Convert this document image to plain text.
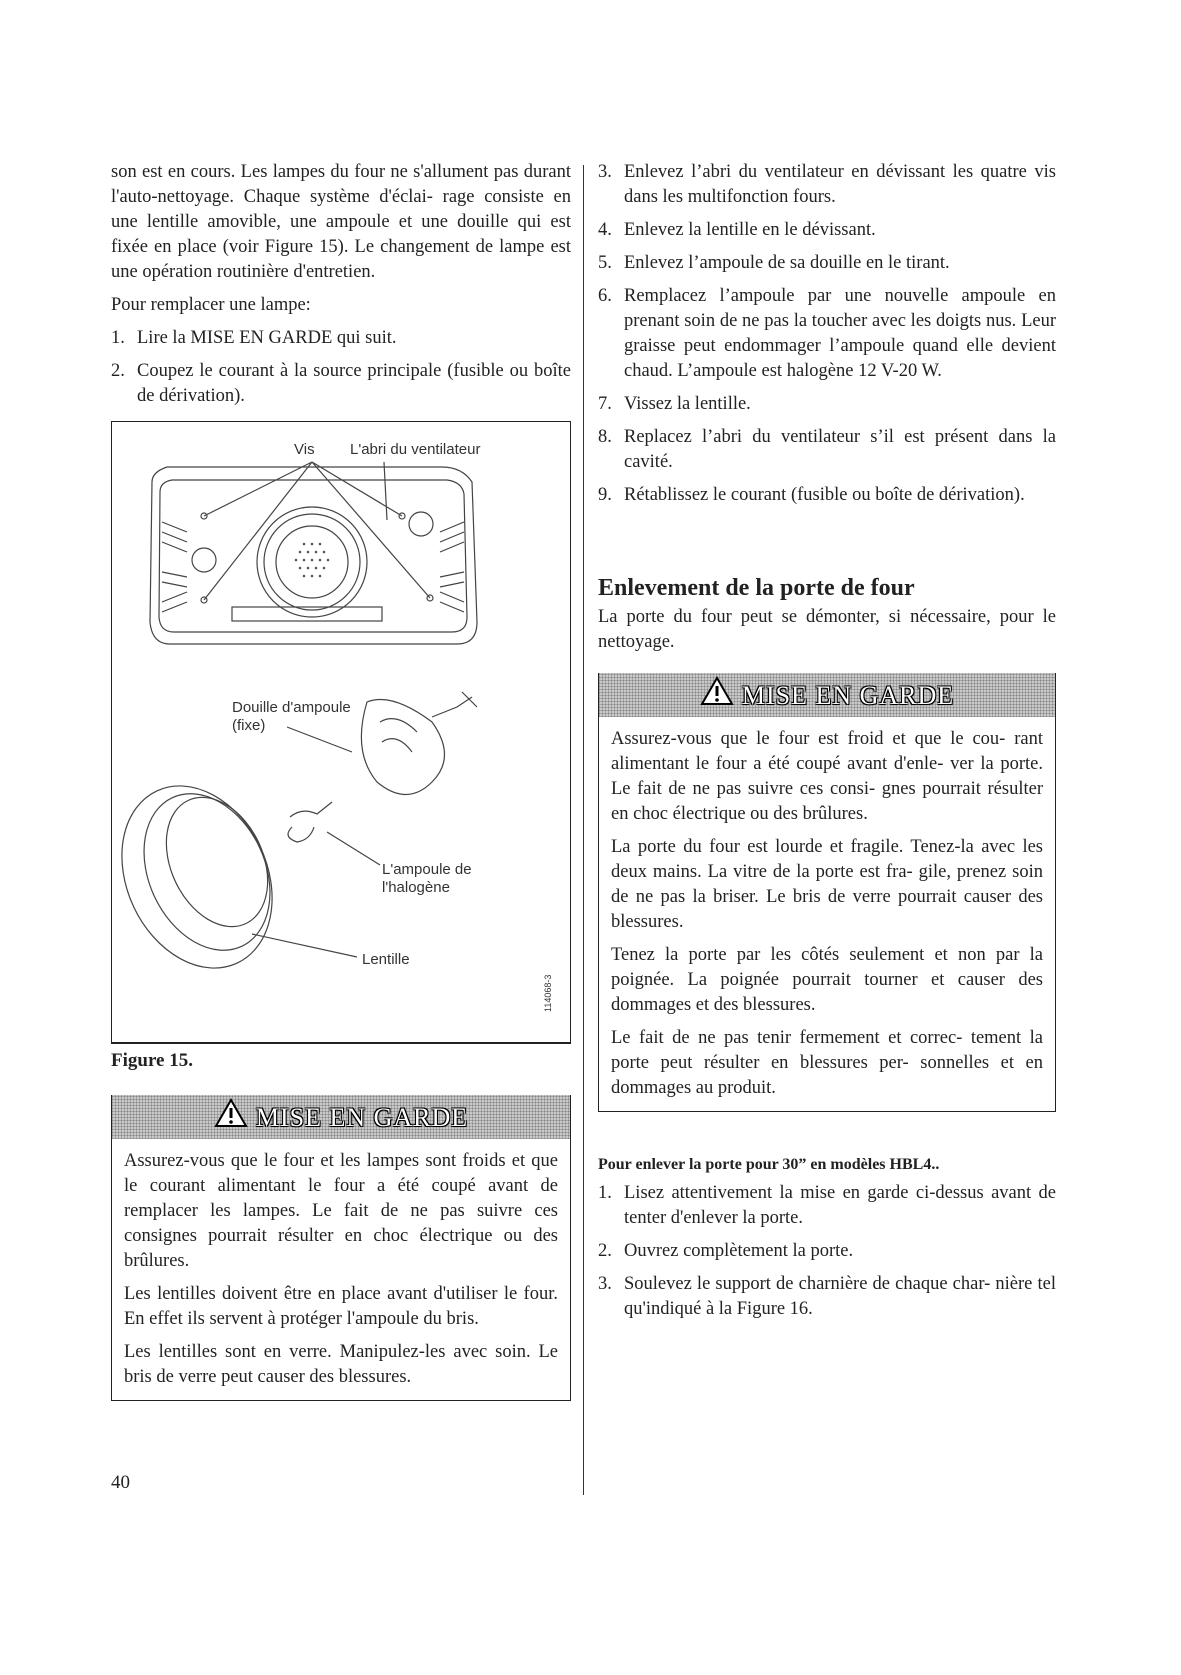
son est en cours. Les lampes du four ne s'allument pas durant l'auto-nettoyage. Chaque système d'éclai- rage consiste en une lentille amovible, une ampoule et une douille qui est fixée en place (voir Figure 15). Le changement de lampe est une opération routinière d'entretien.

Pour remplacer une lampe:

1. Lire la MISE EN GARDE qui suit.
2. Coupez le courant à la source principale (fusible ou boîte de dérivation).
Vis L'abri du ventilateur
Douille d'ampoule
(fixe)
L'ampoule de
l'halogène
Lentille
114068-3
Figure 15.
MISE EN GARDE

Assurez-vous que le four et les lampes sont froids et que le courant alimentant le four a été coupé avant de remplacer les lampes. Le fait de ne pas suivre ces consignes pourrait résulter en choc électrique ou des brûlures.

Les lentilles doivent être en place avant d'utiliser le four. En effet ils servent à protéger l'ampoule du bris.

Les lentilles sont en verre. Manipulez-les avec soin. Le bris de verre peut causer des blessures.

3. Enlevez l’abri du ventilateur en dévissant les quatre vis dans les multifonction fours.
4. Enlevez la lentille en le dévissant.
5. Enlevez l’ampoule de sa douille en le tirant.
6. Remplacez l’ampoule par une nouvelle ampoule en prenant soin de ne pas la toucher avec les doigts nus. Leur graisse peut endommager l’ampoule quand elle devient chaud. L’ampoule est halogène 12 V-20 W.
7. Vissez la lentille.
8. Replacez l’abri du ventilateur s’il est présent dans la cavité.
9. Rétablissez le courant (fusible ou boîte de dérivation).
Enlevement de la porte de four

La porte du four peut se démonter, si nécessaire, pour le nettoyage.

MISE EN GARDE

Assurez-vous que le four est froid et que le cou- rant alimentant le four a été coupé avant d'enle- ver la porte. Le fait de ne pas suivre ces consi- gnes pourrait résulter en choc électrique ou des brûlures.

La porte du four est lourde et fragile. Tenez-la avec les deux mains. La vitre de la porte est fra- gile, prenez soin de ne pas la briser. Le bris de verre pourrait causer des blessures.

Tenez la porte par les côtés seulement et non par la poignée. La poignée pourrait tourner et causer des dommages et des blessures.

Le fait de ne pas tenir fermement et correc- tement la porte peut résulter en blessures per- sonnelles et en dommages au produit.

Pour enlever la porte pour 30” en modèles HBL4..
1. Lisez attentivement la mise en garde ci-dessus avant de tenter d'enlever la porte.
2. Ouvrez complètement la porte.
3. Soulevez le support de charnière de chaque char- nière tel qu'indiqué à la Figure 16.
40
